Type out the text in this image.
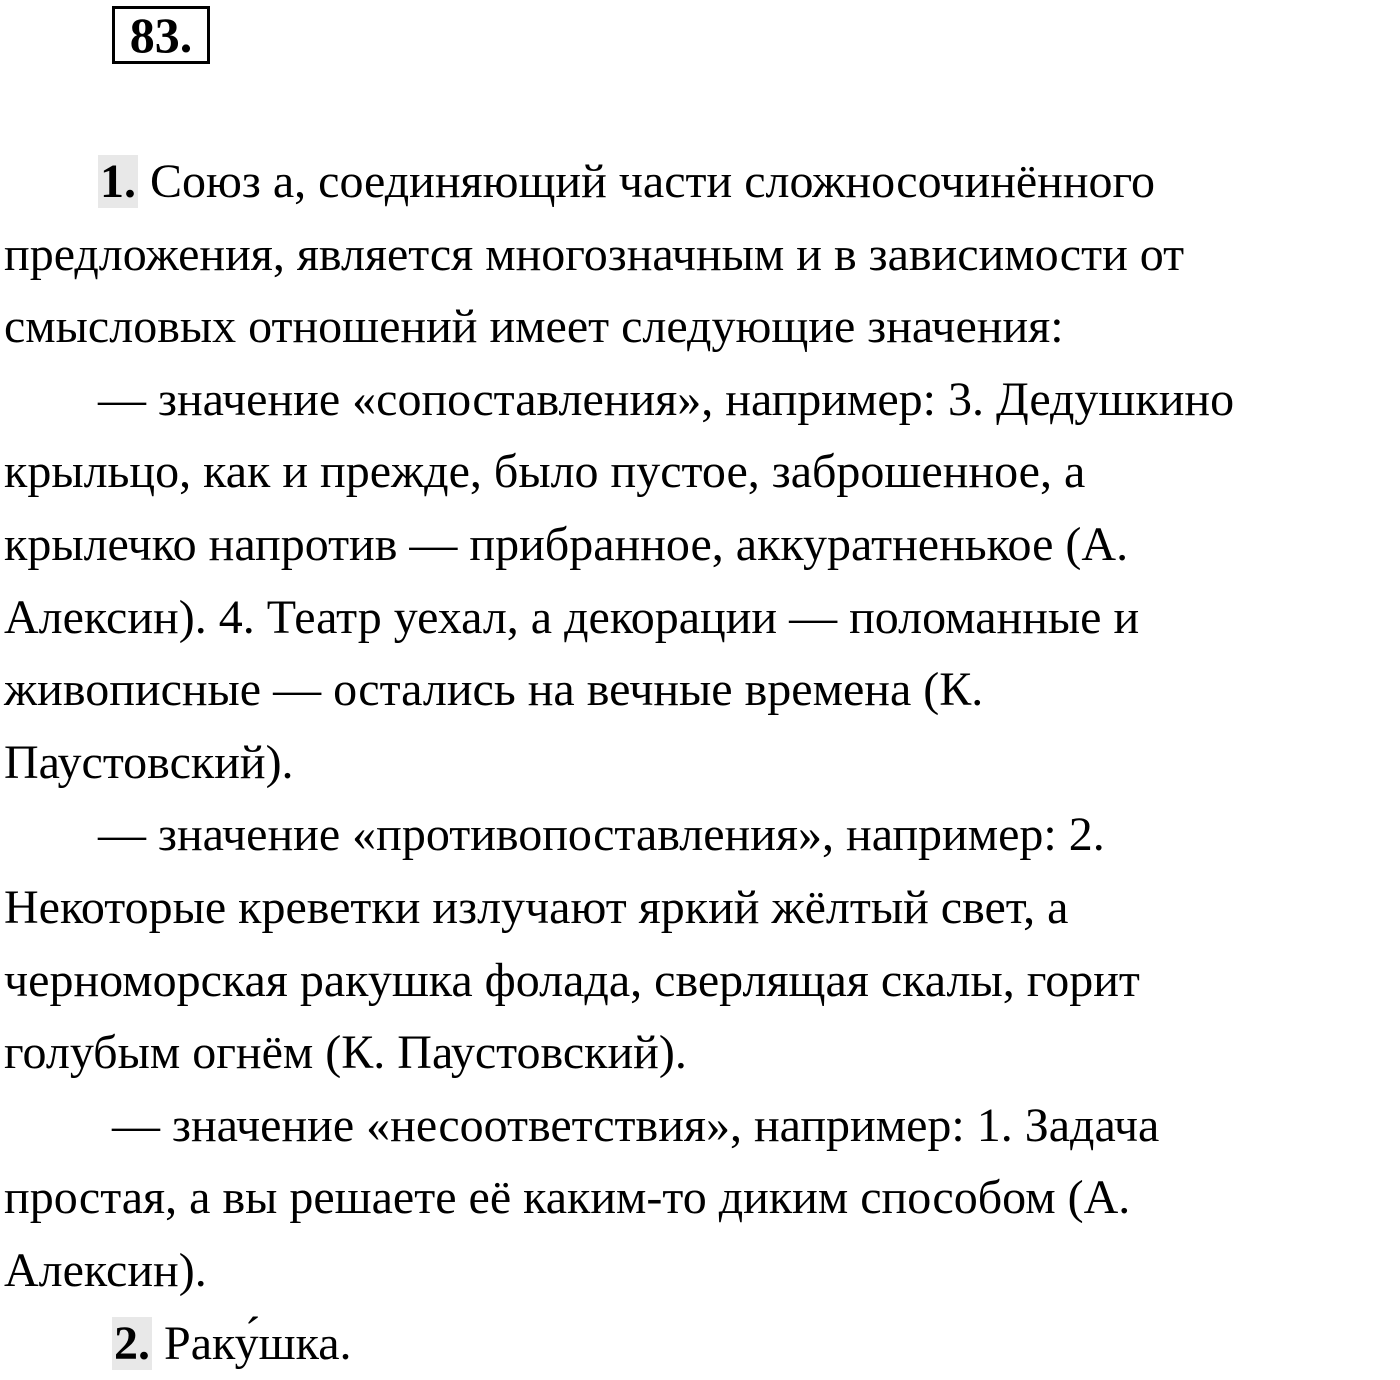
83.
1. Союз а, соединяющий части сложносочинённого
предложения, является многозначным и в зависимости от
смысловых отношений имеет следующие значения:
— значение «сопоставления», например: 3. Дедушкино
крыльцо, как и прежде, было пустое, заброшенное, а
крылечко напротив — прибранное, аккуратненькое (А.
Алексин). 4. Театр уехал, а декорации — поломанные и
живописные — остались на вечные времена (К.
Паустовский).
— значение «противопоставления», например: 2.
Некоторые креветки излучают яркий жёлтый свет, а
черноморская ракушка фолада, сверлящая скалы, горит
голубым огнём (К. Паустовский).
— значение «несоответствия», например: 1. Задача
простая, а вы решаете её каким-то диким способом (А.
Алексин).
2. Раку́шка.
